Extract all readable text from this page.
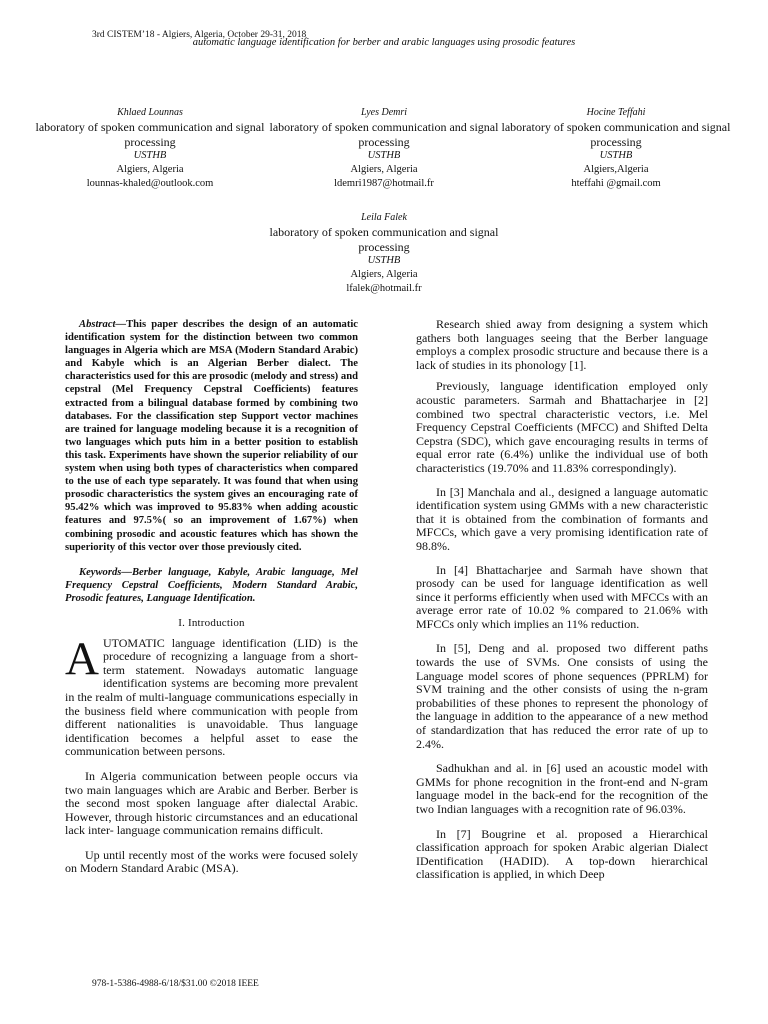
3rd CISTEM’18 - Algiers, Algeria, October 29-31, 2018
automatic language identification for berber and arabic languages using prosodic features
Khlaed Lounnas
laboratory of spoken communication and signal processing
USTHB
Algiers, Algeria
lounnas-khaled@outlook.com
Lyes Demri
laboratory of spoken communication and signal processing
USTHB
Algiers, Algeria
ldemri1987@hotmail.fr
Hocine Teffahi
laboratory of spoken communication and signal processing
USTHB
Algiers,Algeria
hteffahi @gmail.com
Leila Falek
laboratory of spoken communication and signal processing
USTHB
Algiers, Algeria
lfalek@hotmail.fr

Abstract—This paper describes the design of an automatic identification system for the distinction between two common languages in Algeria which are MSA (Modern Standard Arabic) and Kabyle which is an Algerian Berber dialect. The characteristics used for this are prosodic (melody and stress) and cepstral (Mel Frequency Cepstral Coefficients) features extracted from a bilingual database formed by combining two databases. For the classification step Support vector machines are trained for language modeling because it is a recognition of two languages which puts him in a better position to establish this task. Experiments have shown the superior reliability of our system when using both types of characteristics when compared to the use of each type separately. It was found that when using prosodic characteristics the system gives an encouraging rate of 95.42% which was improved to 95.83% when adding acoustic features and 97.5%( so an improvement of 1.67%) when combining prosodic and acoustic features which has shown the superiority of this vector over those previously cited.

Keywords—Berber language, Kabyle, Arabic language, Mel Frequency Cepstral Coefficients, Modern Standard Arabic, Prosodic features, Language Identification.

I. Introduction

AUTOMATIC language identification (LID) is the procedure of recognizing a language from a short-term statement. Nowadays automatic language identification systems are becoming more prevalent in the realm of multi-language communications especially in the business field where communication with people from different nationalities is unavoidable. Thus language identification becomes a helpful asset to ease the communication between persons.

In Algeria communication between people occurs via two main languages which are Arabic and Berber. Berber is the second most spoken language after dialectal Arabic. However, through historic circumstances and an educational lack inter- language communication remains difficult.

Up until recently most of the works were focused solely on Modern Standard Arabic (MSA).

Research shied away from designing a system which gathers both languages seeing that the Berber language employs a complex prosodic structure and because there is a lack of studies in its phonology [1].

Previously, language identification employed only acoustic parameters. Sarmah and Bhattacharjee in [2] combined two spectral characteristic vectors, i.e. Mel Frequency Cepstral Coefficients (MFCC) and Shifted Delta Cepstra (SDC), which gave encouraging results in terms of equal error rate (6.4%) unlike the individual use of both characteristics (19.70% and 11.83% correspondingly).

In [3] Manchala and al., designed a language automatic identification system using GMMs with a new characteristic that it is obtained from the combination of formants and MFCCs, which gave a very promising identification rate of 98.8%.

In [4] Bhattacharjee and Sarmah have shown that prosody can be used for language identification as well since it performs efficiently when used with MFCCs with an average error rate of 10.02 % compared to 21.06% with MFCCs only which implies an 11% reduction.

In [5], Deng and al. proposed two different paths towards the use of SVMs. One consists of using the Language model scores of phone sequences (PPRLM) for SVM training and the other consists of using the n-gram probabilities of these phones to represent the phonology of the language in addition to the appearance of a new method of standardization that has reduced the error rate of up to 2.4%.

Sadhukhan and al. in [6] used an acoustic model with GMMs for phone recognition in the front-end and N-gram language model in the back-end for the recognition of the two Indian languages with a recognition rate of 96.03%.

In [7] Bougrine et al. proposed a Hierarchical classification approach for spoken Arabic algerian Dialect IDentification (HADID). A top-down hierarchical classification is applied, in which Deep

978-1-5386-4988-6/18/$31.00 ©2018 IEEE
